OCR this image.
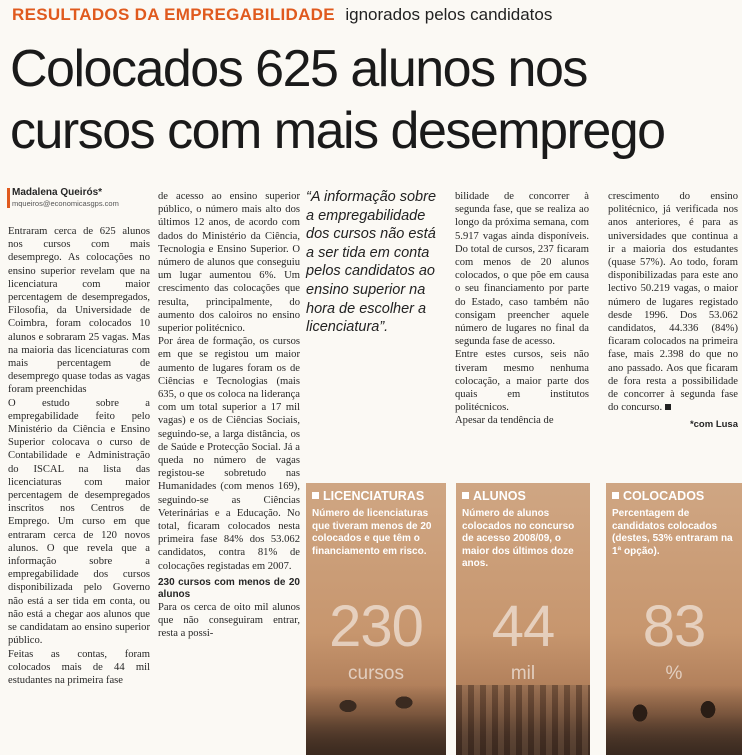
RESULTADOS DA EMPREGABILIDADE ignorados pelos candidatos
Colocados 625 alunos nos cursos com mais desemprego
Madalena Queirós*
mqueiros@economicasgps.com

Entraram cerca de 625 alunos nos cursos com mais desemprego. As colocações no ensino superior revelam que na licenciatura com maior percentagem de desempregados, Filosofia, da Universidade de Coimbra, foram colocados 10 alunos e sobraram 25 vagas. Mas na maioria das licenciaturas com mais percentagem de desemprego quase todas as vagas foram preenchidas

O estudo sobre a empregabilidade feito pelo Ministério da Ciência e Ensino Superior colocava o curso de Contabilidade e Administração do ISCAL na lista das licenciaturas com maior percentagem de desempregados inscritos nos Centros de Emprego. Um curso em que entraram cerca de 120 novos alunos. O que revela que a informação sobre a empregabilidade dos cursos disponibilizada pelo Governo não está a ser tida em conta, ou não está a chegar aos alunos que se candidatam ao ensino superior público.

Feitas as contas, foram colocados mais de 44 mil estudantes na primeira fase

de acesso ao ensino superior público, o número mais alto dos últimos 12 anos, de acordo com dados do Ministério da Ciência, Tecnologia e Ensino Superior. O número de alunos que conseguiu um lugar aumentou 6%. Um crescimento das colocações que resulta, principalmente, do aumento dos caloiros no ensino superior politécnico.

Por área de formação, os cursos em que se registou um maior aumento de lugares foram os de Ciências e Tecnologias (mais 635, o que os coloca na liderança com um total superior a 17 mil vagas) e os de Ciências Sociais, seguindo-se, a larga distância, os de Saúde e Protecção Social. Já a queda no número de vagas registou-se sobretudo nas Humanidades (com menos 169), seguindo-se as Ciências Veterinárias e a Educação. No total, ficaram colocados nesta primeira fase 84% dos 53.062 candidatos, contra 81% de colocações registadas em 2007.

230 cursos com menos de 20 alunos

Para os cerca de oito mil alunos que não conseguiram entrar, resta a possi-

“A informação sobre a empregabilidade dos cursos não está a ser tida em conta pelos candidatos ao ensino superior na hora de escolher a licenciatura”.

bilidade de concorrer à segunda fase, que se realiza ao longo da próxima semana, com 5.917 vagas ainda disponíveis. Do total de cursos, 237 ficaram com menos de 20 alunos colocados, o que põe em causa o seu financiamento por parte do Estado, caso também não consigam preencher aquele número de lugares no final da segunda fase de acesso.

Entre estes cursos, seis não tiveram mesmo nenhuma colocação, a maior parte dos quais em institutos politécnicos.

Apesar da tendência de

crescimento do ensino politécnico, já verificada nos anos anteriores, é para as universidades que continua a ir a maioria dos estudantes (quase 57%). Ao todo, foram disponibilizadas para este ano lectivo 50.219 vagas, o maior número de lugares registado desde 1996. Dos 53.062 candidatos, 44.336 (84%) ficaram colocados na primeira fase, mais 2.398 do que no ano passado. Aos que ficaram de fora resta a possibilidade de concorrer à segunda fase do concurso.

*com Lusa

LICENCIATURAS
Número de licenciaturas que tiveram menos de 20 colocados e que têm o financiamento em risco.
230
cursos
ALUNOS
Número de alunos colocados no concurso de acesso 2008/09, o maior dos últimos doze anos.
44
mil
COLOCADOS
Percentagem de candidatos colocados (destes, 53% entraram na 1ª opção).
83
%
